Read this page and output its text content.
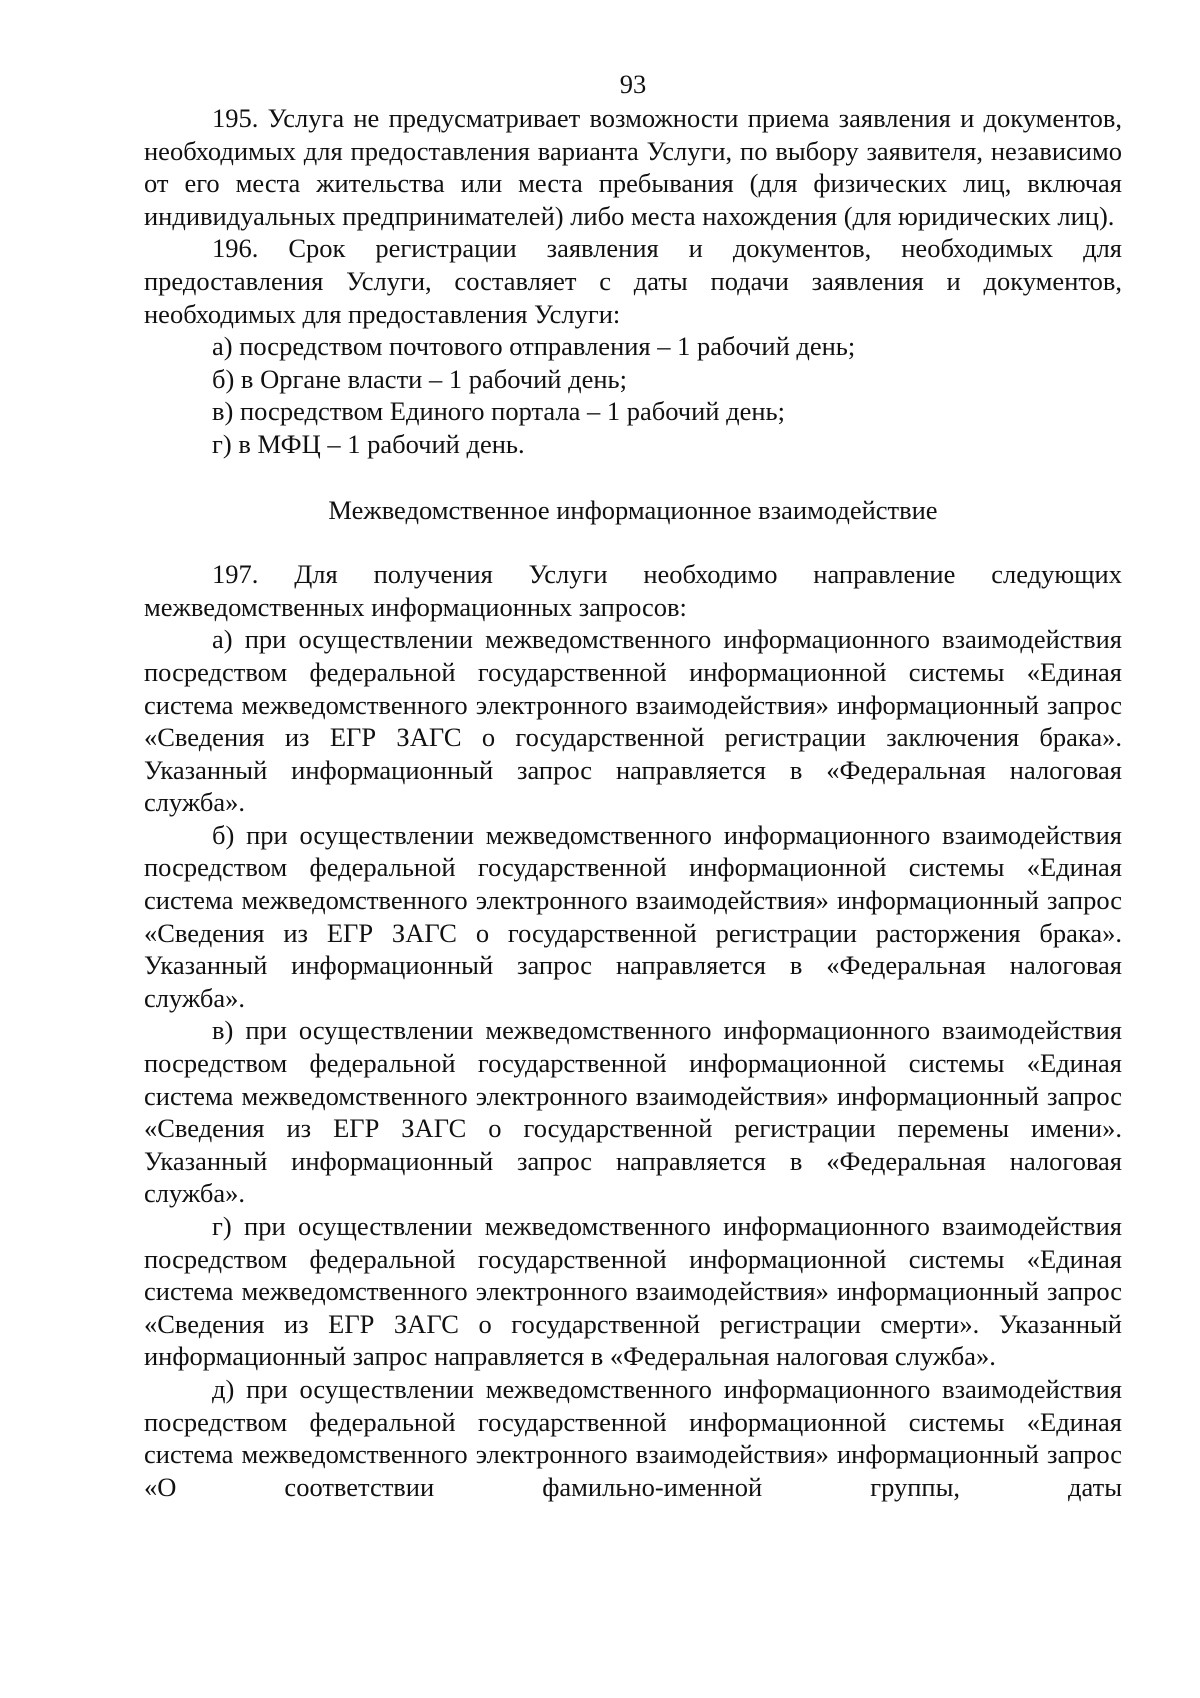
93

195. Услуга не предусматривает возможности приема заявления и документов, необходимых для предоставления варианта Услуги, по выбору заявителя, независимо от его места жительства или места пребывания (для физических лиц, включая индивидуальных предпринимателей) либо места нахождения (для юридических лиц).

196. Срок регистрации заявления и документов, необходимых для предоставления Услуги, составляет с даты подачи заявления и документов, необходимых для предоставления Услуги:

а) посредством почтового отправления – 1 рабочий день;

б) в Органе власти – 1 рабочий день;

в) посредством Единого портала – 1 рабочий день;

г) в МФЦ – 1 рабочий день.

Межведомственное информационное взаимодействие

197. Для получения Услуги необходимо направление следующих межведомственных информационных запросов:

а) при осуществлении межведомственного информационного взаимодействия посредством федеральной государственной информационной системы «Единая система межведомственного электронного взаимодействия» информационный запрос «Сведения из ЕГР ЗАГС о государственной регистрации заключения брака». Указанный информационный запрос направляется в «Федеральная налоговая служба».

б) при осуществлении межведомственного информационного взаимодействия посредством федеральной государственной информационной системы «Единая система межведомственного электронного взаимодействия» информационный запрос «Сведения из ЕГР ЗАГС о государственной регистрации расторжения брака». Указанный информационный запрос направляется в «Федеральная налоговая служба».

в) при осуществлении межведомственного информационного взаимодействия посредством федеральной государственной информационной системы «Единая система межведомственного электронного взаимодействия» информационный запрос «Сведения из ЕГР ЗАГС о государственной регистрации перемены имени». Указанный информационный запрос направляется в «Федеральная налоговая служба».

г) при осуществлении межведомственного информационного взаимодействия посредством федеральной государственной информационной системы «Единая система межведомственного электронного взаимодействия» информационный запрос «Сведения из ЕГР ЗАГС о государственной регистрации смерти». Указанный информационный запрос направляется в «Федеральная налоговая служба».

д) при осуществлении межведомственного информационного взаимодействия посредством федеральной государственной информационной системы «Единая система межведомственного электронного взаимодействия» информационный запрос «О соответствии фамильно-именной группы, даты
